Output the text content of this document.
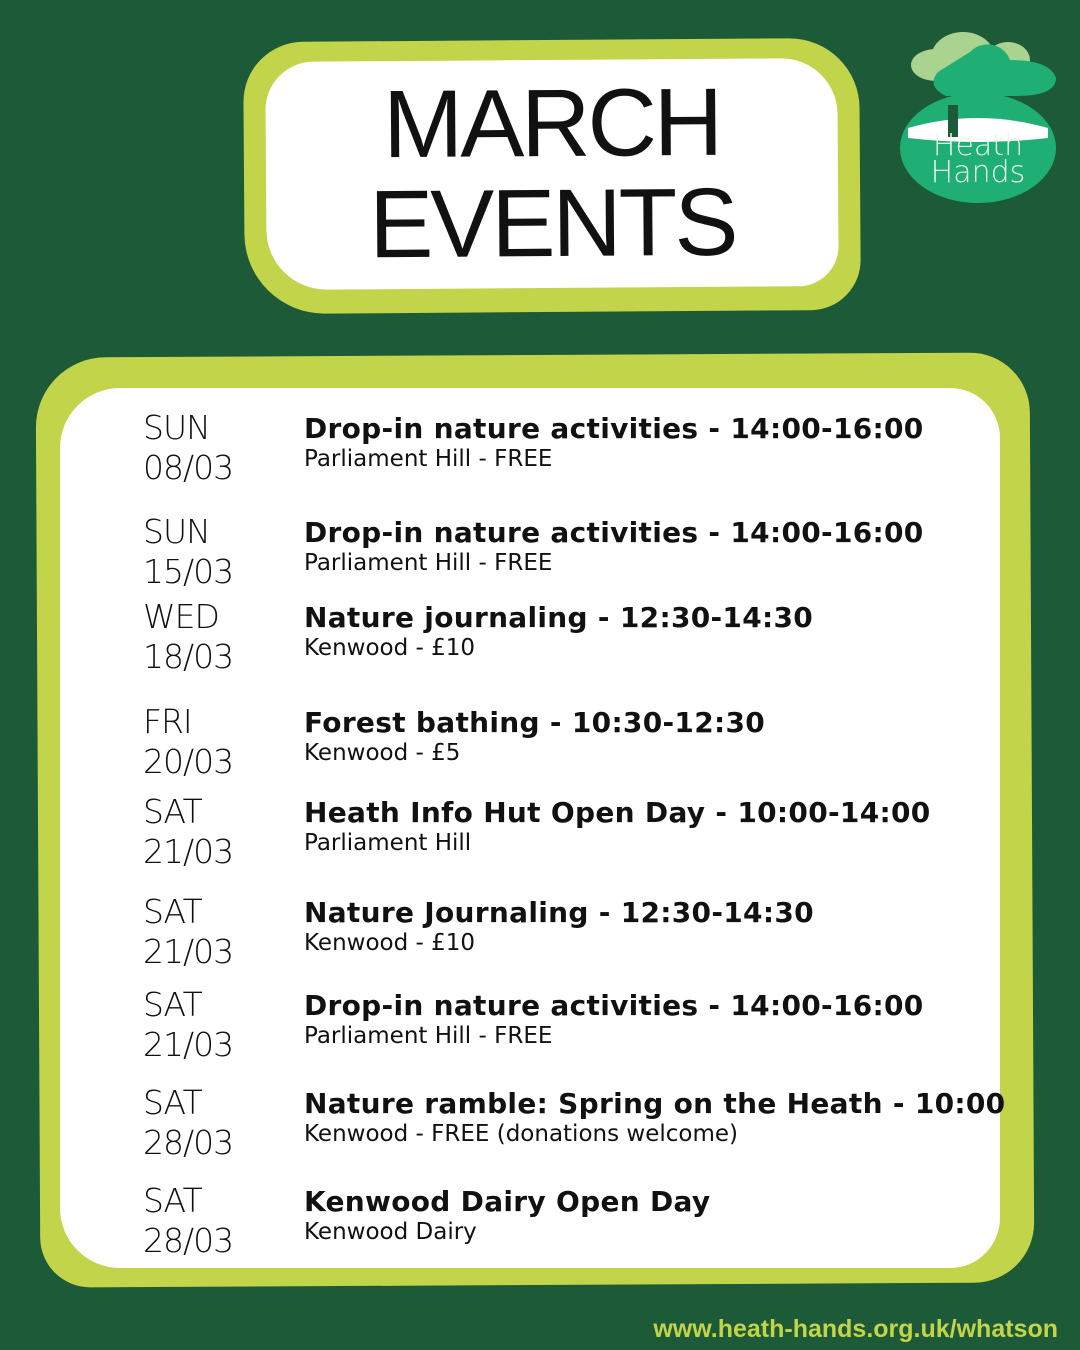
MARCH
EVENTS
Heath
Hands
SUN
08/03
Drop-in nature activities - 14:00-16:00
Parliament Hill - FREE
SUN
15/03
Drop-in nature activities - 14:00-16:00
Parliament Hill - FREE
WED
18/03
Nature journaling - 12:30-14:30
Kenwood - £10
FRI
20/03
Forest bathing - 10:30-12:30
Kenwood - £5
SAT
21/03
Heath Info Hut Open Day - 10:00-14:00
Parliament Hill
SAT
21/03
Nature Journaling - 12:30-14:30
Kenwood - £10
SAT
21/03
Drop-in nature activities - 14:00-16:00
Parliament Hill - FREE
SAT
28/03
Nature ramble: Spring on the Heath - 10:00
Kenwood - FREE (donations welcome)
SAT
28/03
Kenwood Dairy Open Day
Kenwood Dairy
www.heath-hands.org.uk/whatson
